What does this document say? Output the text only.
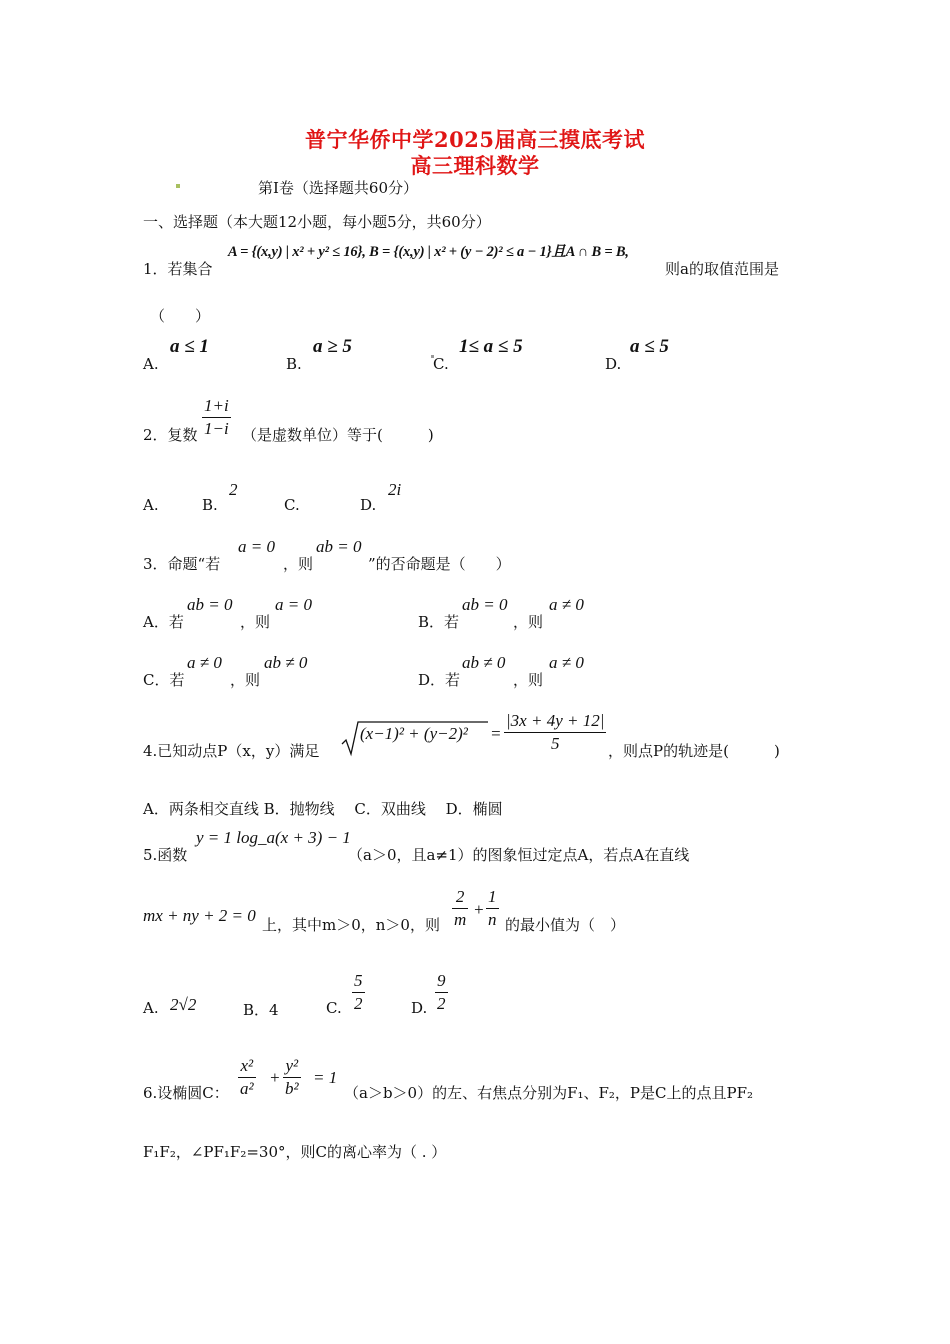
普宁华侨中学2025届高三摸底考试
高三理科数学
第I卷（选择题共60分）
一、选择题（本大题12小题，每小题5分，共60分）
1．若集合
A = {(x,y) | x² + y² ≤ 16}, B = {(x,y) | x² + (y − 2)² ≤ a − 1}且A ∩ B = B,
则a的取值范围是
（　　）
A.
a ≤ 1
B.
a ≥ 5
C.
1≤ a ≤ 5
D.
a ≤ 5
2．复数 $\frac{1+i}{1-i}$ （是虚数单位）等于(　　　)
A.	B.
2
C.	D.
2i
3．命题“若
a = 0
，则
ab = 0
”的否命题是（　　）
A．若
ab = 0
，则
a = 0
B．若
ab = 0
，则
a ≠ 0
C．若
a ≠ 0
，则
ab ≠ 0
D．若
ab ≠ 0
，则
a ≠ 0
4.已知动点P（x，y）满足
$(x-1)^2 + (y-2)^2 = \frac{|3x + 4y + 12|}{5}$ ，则点P的轨迹是(　　　)
A．两条相交直线 B．抛物线　 C．双曲线　 D．椭圆
5.函数
y = 1 log_a(x + 3) − 1
（a＞0，且a≠1）的图象恒过定点A，若点A在直线
mx + ny + 2 = 0 上，其中m＞0，n＞0，则 $\frac{2}{m} + \frac{1}{n}$ 的最小值为（　）
A. 2√2	B．4	C. $\frac{5}{2}$	D. $\frac{9}{2}$
6.设椭圆C： $\frac{\text{x²}}{\text{a²}} + \frac{\text{y²}}{\text{b²}} = 1$
（a＞b＞0）的左、右焦点分别为F₁、F₂，P是C上的点且PF₂
F₁F₂，∠PF₁F₂=30°，则C的离心率为（ . ）
